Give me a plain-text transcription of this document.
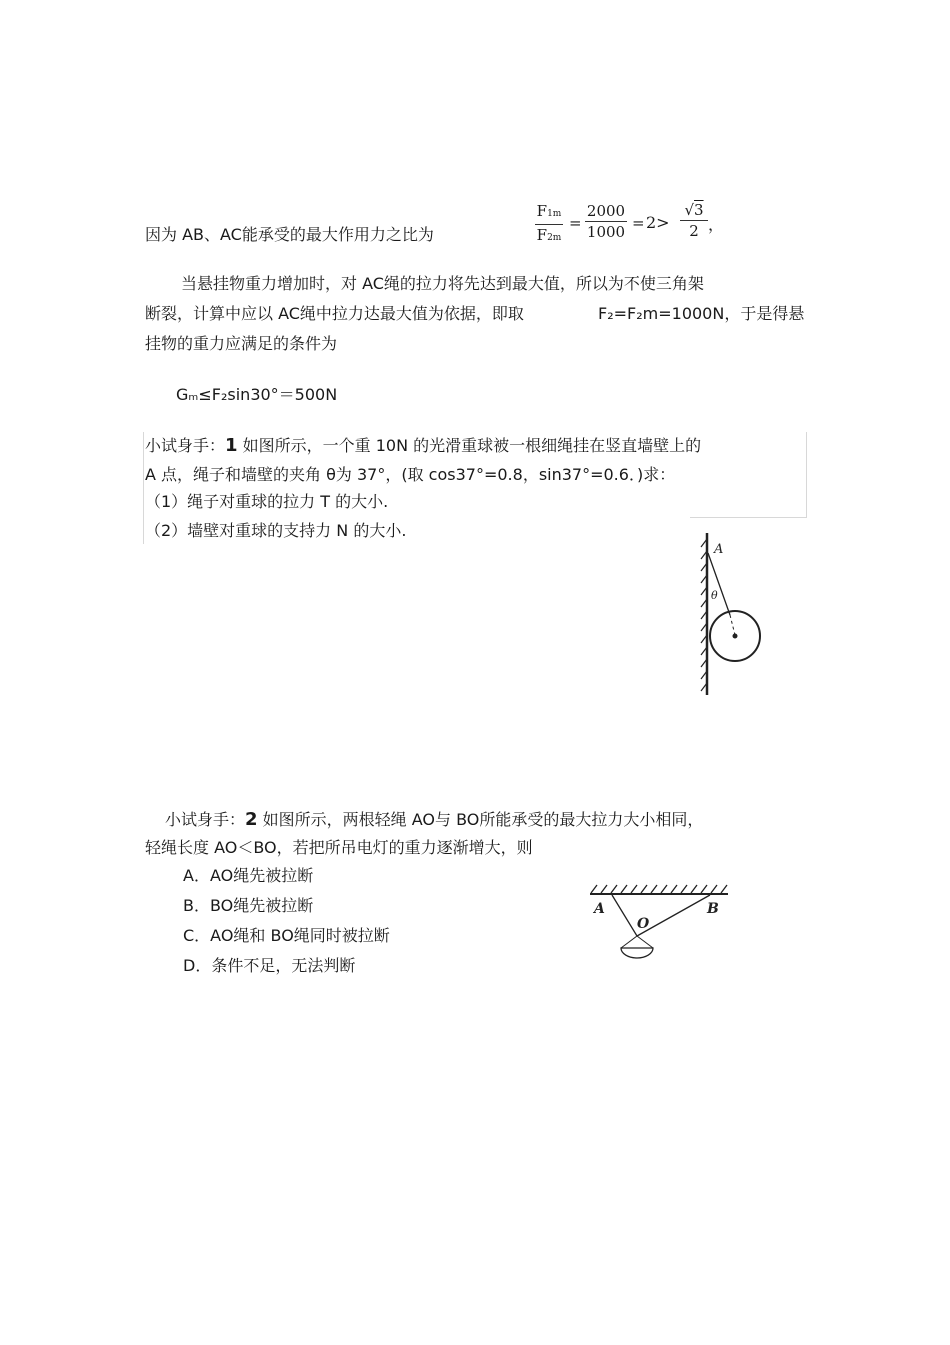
因为 AB、AC能承受的最大作用力之比为
F1m
F2m
=
2000
1000 = 2>
√3
2 ，
当悬挂物重力增加时，对 AC绳的拉力将先达到最大值，所以为不使三角架
断裂，计算中应以 AC绳中拉力达最大值为依据，即取	F₂=F₂m=1000N，于是得悬
挂物的重力应满足的条件为
Gₘ≤F₂sin30°＝500N
小试身手：1 如图所示，一个重 10N 的光滑重球被一根细绳挂在竖直墙壁上的
A 点，绳子和墙壁的夹角 θ为 37°，(取 cos37°=0.8，sin37°=0.6．)求：
（1）绳子对重球的拉力 T 的大小.
（2）墙壁对重球的支持力 N 的大小.
A
θ
小试身手：2 如图所示，两根轻绳 AO与 BO所能承受的最大拉力大小相同，
轻绳长度 AO＜BO，若把所吊电灯的重力逐渐增大，则
A．AO绳先被拉断
B．BO绳先被拉断
C．AO绳和 BO绳同时被拉断
D．条件不足，无法判断
A
O
B
